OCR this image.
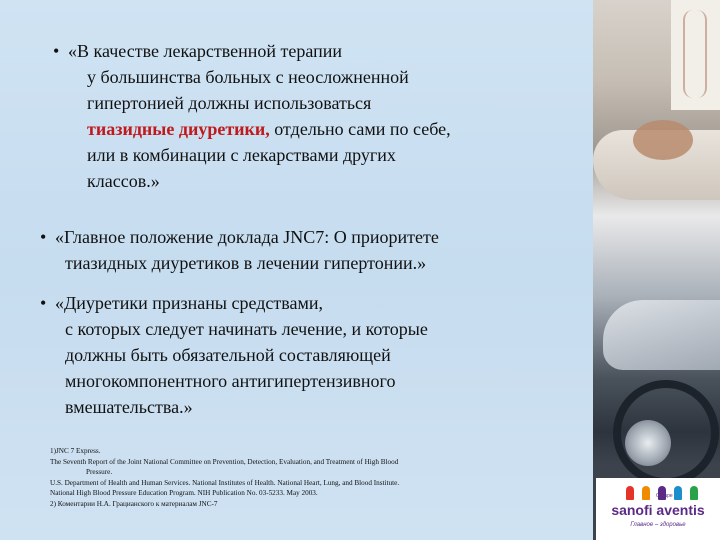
• «В качестве лекарственной терапии
у большинства больных с неосложненной
гипертонией должны использоваться
тиазидные диуретики, отдельно сами по себе,
или в комбинации с лекарствами других
классов.»
• «Главное положение доклада JNC7: О приоритете
тиазидных диуретиков в лечении гипертонии.»
• «Диуретики признаны средствами,
с которых следует начинать лечение, и которые
должны быть обязательной составляющей
многокомпонентного антигипертензивного
вмешательства.»
1)JNC 7 Express.
The Seventh Report of the Joint National Committee on Prevention, Detection, Evaluation, and Treatment of High Blood
Pressure.
U.S. Department of Health and Human Services. National Institutes of Health. National Heart, Lung, and Blood Institute.
National High Blood Pressure Education Program. NIH Publication No. 03-5233. May 2003.
2) Коментарии Н.А. Грацианского к материалам JNC-7
Groupe
sanofi aventis
Главное – здоровье
